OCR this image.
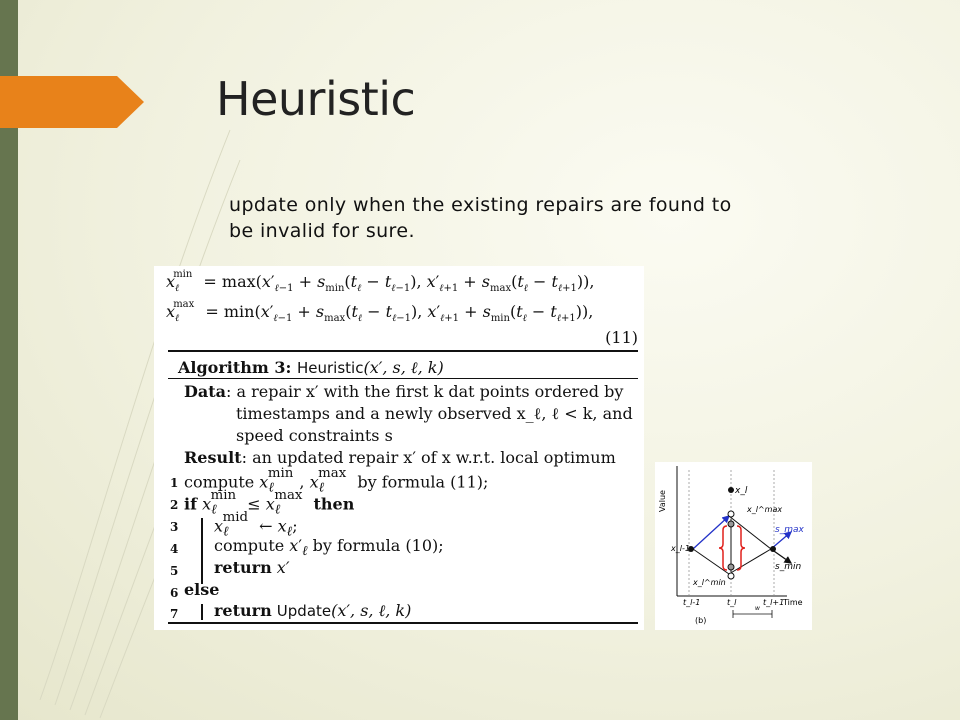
Heuristic
update only when the existing repairs are found to be invalid for sure.
$x_\ell^{min} = \max(x'_{\ell-1} + s_{min}(t_\ell - t_{\ell-1})$, $x'_{\ell+1} + s_{max}(t_\ell - t_{\ell+1})$),
$x_\ell^{max} = \min(x'_{\ell-1} + s_{max}(t_\ell - t_{\ell-1})$, $x'_{\ell+1} + s_{min}(t_\ell - t_{\ell+1})$),
(11)
Algorithm 3: Heuristic(x′, s, ℓ, k)
Data: a repair x′ with the first k dat points ordered by
timestamps and a newly observed x_ℓ, ℓ < k, and
speed constraints s
Result: an updated repair x′ of x w.r.t. local optimum
1 compute $x_\ell^{min}$ , $x_\ell^{max}$ by formula (11);
2 if $x_\ell^{min} \le x_\ell^{max}$ then
3 $x_\ell^{mid}$ ← $x_\ell$;
4 compute $x'_\ell$ by formula (10);
5 return x′
6 else
7 return Update(x′, s, ℓ, k)
Value	x_l
x_l^max
x_l^min
x_l-1
s_max
s_min
t_l-1	t_l	t_l+1
Time
w
(b)
